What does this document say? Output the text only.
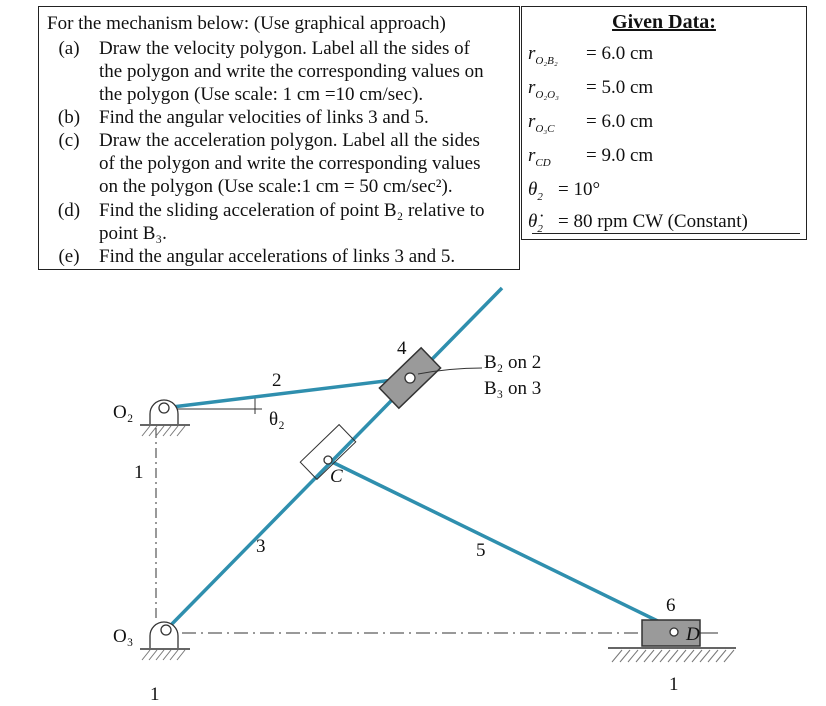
For the mechanism below: (Use graphical approach)
(a)	Draw the velocity polygon. Label all the sides of
the polygon and write the corresponding values on
the polygon (Use scale: 1 cm =10 cm/sec).
(b) Find the angular velocities of links 3 and 5.
(c)	Draw the acceleration polygon. Label all the sides
of the polygon and write the corresponding values
on the polygon (Use scale:1 cm = 50 cm/sec²).
(d) Find the sliding acceleration of point B₂ relative to
point B₃.
(e)	Find the angular accelerations of links 3 and 5.
Given Data:
$r_{O_2B_2} = 6.0$ cm
$r_{O_2O_3} = 5.0$ cm
$r_{O_3C} = 6.0$ cm
$r_{CD} = 9.0$ cm
$\theta_2 = 10^\circ$
$\thetȧ_2 = 80$ rpm CW (Constant)
O₂
O₃
1
1	1
2
θ₂
3
4
5
6
C
D
B₂ on 2
B₃ on 3
